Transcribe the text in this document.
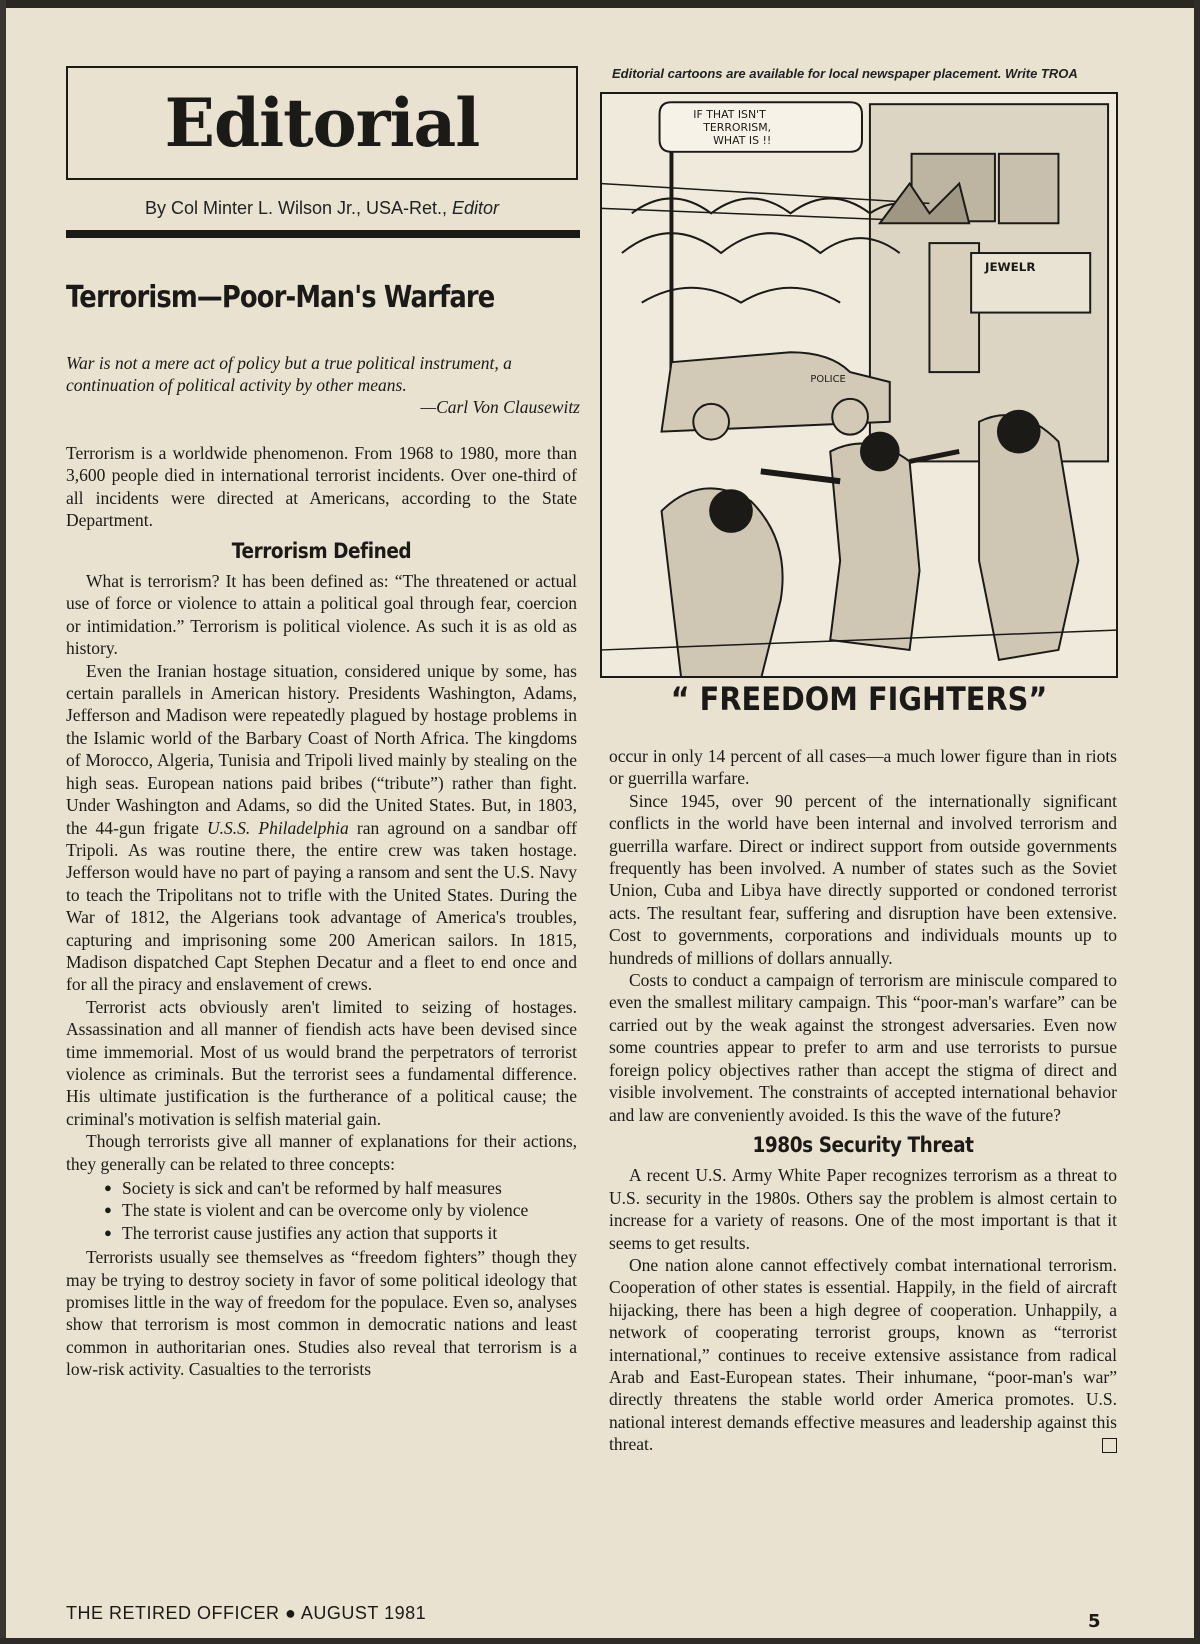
Editorial
By Col Minter L. Wilson Jr., USA-Ret., Editor
Terrorism—Poor-Man's Warfare
War is not a mere act of policy but a true political instrument, a continuation of political activity by other means.
—Carl Von Clausewitz

Terrorism is a worldwide phenomenon. From 1968 to 1980, more than 3,600 people died in international terrorist incidents. Over one-third of all incidents were directed at Americans, according to the State Department.

Terrorism Defined

What is terrorism? It has been defined as: “The threatened or actual use of force or violence to attain a political goal through fear, coercion or intimidation.” Terrorism is political violence. As such it is as old as history.

Even the Iranian hostage situation, considered unique by some, has certain parallels in American history. Presidents Washington, Adams, Jefferson and Madison were repeatedly plagued by hostage problems in the Islamic world of the Barbary Coast of North Africa. The kingdoms of Morocco, Algeria, Tunisia and Tripoli lived mainly by stealing on the high seas. European nations paid bribes (“tribute”) rather than fight. Under Washington and Adams, so did the United States. But, in 1803, the 44-gun frigate U.S.S. Philadelphia ran aground on a sandbar off Tripoli. As was routine there, the entire crew was taken hostage. Jefferson would have no part of paying a ransom and sent the U.S. Navy to teach the Tripolitans not to trifle with the United States. During the War of 1812, the Algerians took advantage of America's troubles, capturing and imprisoning some 200 American sailors. In 1815, Madison dispatched Capt Stephen Decatur and a fleet to end once and for all the piracy and enslavement of crews.

Terrorist acts obviously aren't limited to seizing of hostages. Assassination and all manner of fiendish acts have been devised since time immemorial. Most of us would brand the perpetrators of terrorist violence as criminals. But the terrorist sees a fundamental difference. His ultimate justification is the furtherance of a political cause; the criminal's motivation is selfish material gain.

Though terrorists give all manner of explanations for their actions, they generally can be related to three concepts:

● Society is sick and can't be reformed by half measures
● The state is violent and can be overcome only by violence
● The terrorist cause justifies any action that supports it

Terrorists usually see themselves as “freedom fighters” though they may be trying to destroy society in favor of some political ideology that promises little in the way of freedom for the populace. Even so, analyses show that terrorism is most common in democratic nations and least common in authoritarian ones. Studies also reveal that terrorism is a low-risk activity. Casualties to the terrorists

Editorial cartoons are available for local newspaper placement. Write TROA
JEWELR
IF THAT ISN'T
TERRORISM,
WHAT IS !!
POLICE
“ FREEDOM FIGHTERS”

occur in only 14 percent of all cases—a much lower figure than in riots or guerrilla warfare.

Since 1945, over 90 percent of the internationally significant conflicts in the world have been internal and involved terrorism and guerrilla warfare. Direct or indirect support from outside governments frequently has been involved. A number of states such as the Soviet Union, Cuba and Libya have directly supported or condoned terrorist acts. The resultant fear, suffering and disruption have been extensive. Cost to governments, corporations and individuals mounts up to hundreds of millions of dollars annually.

Costs to conduct a campaign of terrorism are miniscule compared to even the smallest military campaign. This “poor-man's warfare” can be carried out by the weak against the strongest adversaries. Even now some countries appear to prefer to arm and use terrorists to pursue foreign policy objectives rather than accept the stigma of direct and visible involvement. The constraints of accepted international behavior and law are conveniently avoided. Is this the wave of the future?

1980s Security Threat

A recent U.S. Army White Paper recognizes terrorism as a threat to U.S. security in the 1980s. Others say the problem is almost certain to increase for a variety of reasons. One of the most important is that it seems to get results.

One nation alone cannot effectively combat international terrorism. Cooperation of other states is essential. Happily, in the field of aircraft hijacking, there has been a high degree of cooperation. Unhappily, a network of cooperating terrorist groups, known as “terrorist international,” continues to receive extensive assistance from radical Arab and East-European states. Their inhumane, “poor-man's war” directly threatens the stable world order America promotes. U.S. national interest demands effective measures and leadership against this threat.

THE RETIRED OFFICER ● AUGUST 1981	5
